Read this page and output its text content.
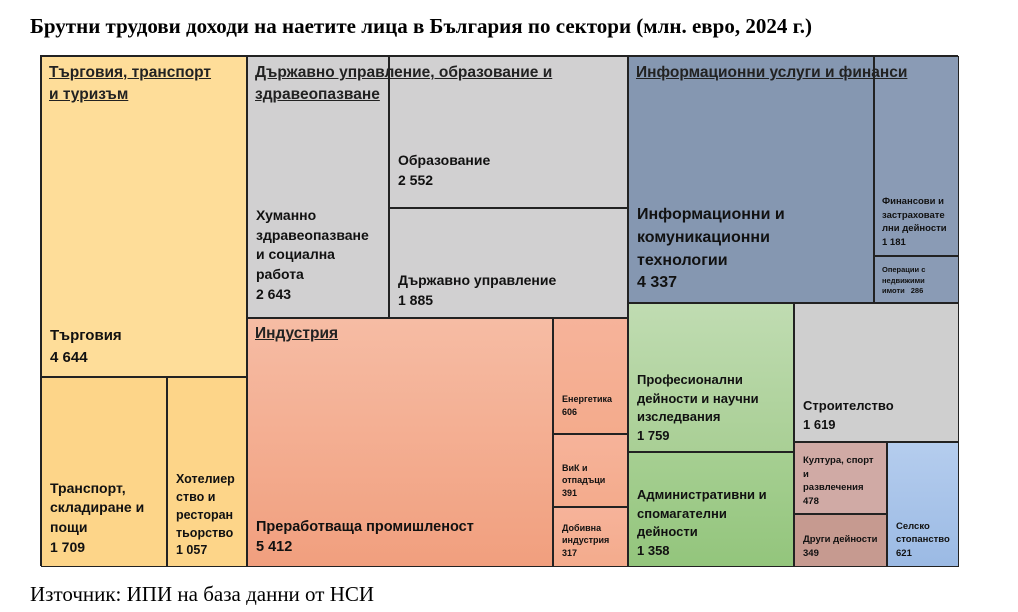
Брутни трудови доходи на наетите лица в България по сектори (млн. евро, 2024 г.)
Търговия
4 644
Транспорт,
складиране и
пощи
1 709
Хотелиер
ство и
ресторан
тьорство
1 057
Хуманно
здравеопазване
и социална
работа
2 643
Образование
2 552
Държавно управление
1 885
Информационни и
комуникационни
технологии
4 337
Финансови и
застраховате
лни дейности
1 181
Операции с
недвижими
имоти 286
Преработваща промишленост
5 412
Енергетика
606
ВиК и
отпадъци
391
Добивна
индустрия
317
Професионални
дейности и научни
изследвания
1 759
Административни и
спомагателни
дейности
1 358
Строителство
1 619
Култура, спорт и
развлечения
478
Други дейности
349
Селско
стопанство
621
Търговия, транспорт
и туризъм
Държавно управление, образование и
здравеопазване
Информационни услуги и финанси
Индустрия
Източник: ИПИ на база данни от НСИ
